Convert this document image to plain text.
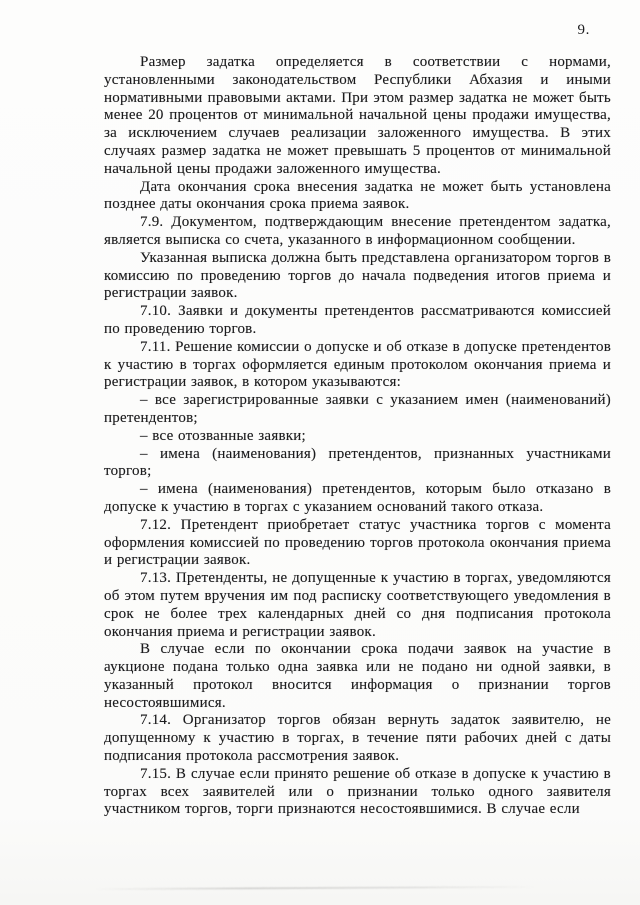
9.

Размер задатка определяется в соответствии с нормами, установленными законодательством Республики Абхазия и иными нормативными правовыми актами. При этом размер задатка не может быть менее 20 процентов от минимальной начальной цены продажи имущества, за исключением случаев реализации заложенного имущества. В этих случаях размер задатка не может превышать 5 процентов от минимальной начальной цены продажи заложенного имущества.

Дата окончания срока внесения задатка не может быть установлена позднее даты окончания срока приема заявок.

7.9. Документом, подтверждающим внесение претендентом задатка, является выписка со счета, указанного в информационном сообщении.

Указанная выписка должна быть представлена организатором торгов в комиссию по проведению торгов до начала подведения итогов приема и регистрации заявок.

7.10. Заявки и документы претендентов рассматриваются комиссией по проведению торгов.

7.11. Решение комиссии о допуске и об отказе в допуске претендентов к участию в торгах оформляется единым протоколом окончания приема и регистрации заявок, в котором указываются:

– все зарегистрированные заявки с указанием имен (наименований) претендентов;

– все отозванные заявки;

– имена (наименования) претендентов, признанных участниками торгов;

– имена (наименования) претендентов, которым было отказано в допуске к участию в торгах с указанием оснований такого отказа.

7.12. Претендент приобретает статус участника торгов с момента оформления комиссией по проведению торгов протокола окончания приема и регистрации заявок.

7.13. Претенденты, не допущенные к участию в торгах, уведомляются об этом путем вручения им под расписку соответствующего уведомления в срок не более трех календарных дней со дня подписания протокола окончания приема и регистрации заявок.

В случае если по окончании срока подачи заявок на участие в аукционе подана только одна заявка или не подано ни одной заявки, в указанный протокол вносится информация о признании торгов несостоявшимися.

7.14. Организатор торгов обязан вернуть задаток заявителю, не допущенному к участию в торгах, в течение пяти рабочих дней с даты подписания протокола рассмотрения заявок.

7.15. В случае если принято решение об отказе в допуске к участию в торгах всех заявителей или о признании только одного заявителя участником торгов, торги признаются несостоявшимися. В случае если
